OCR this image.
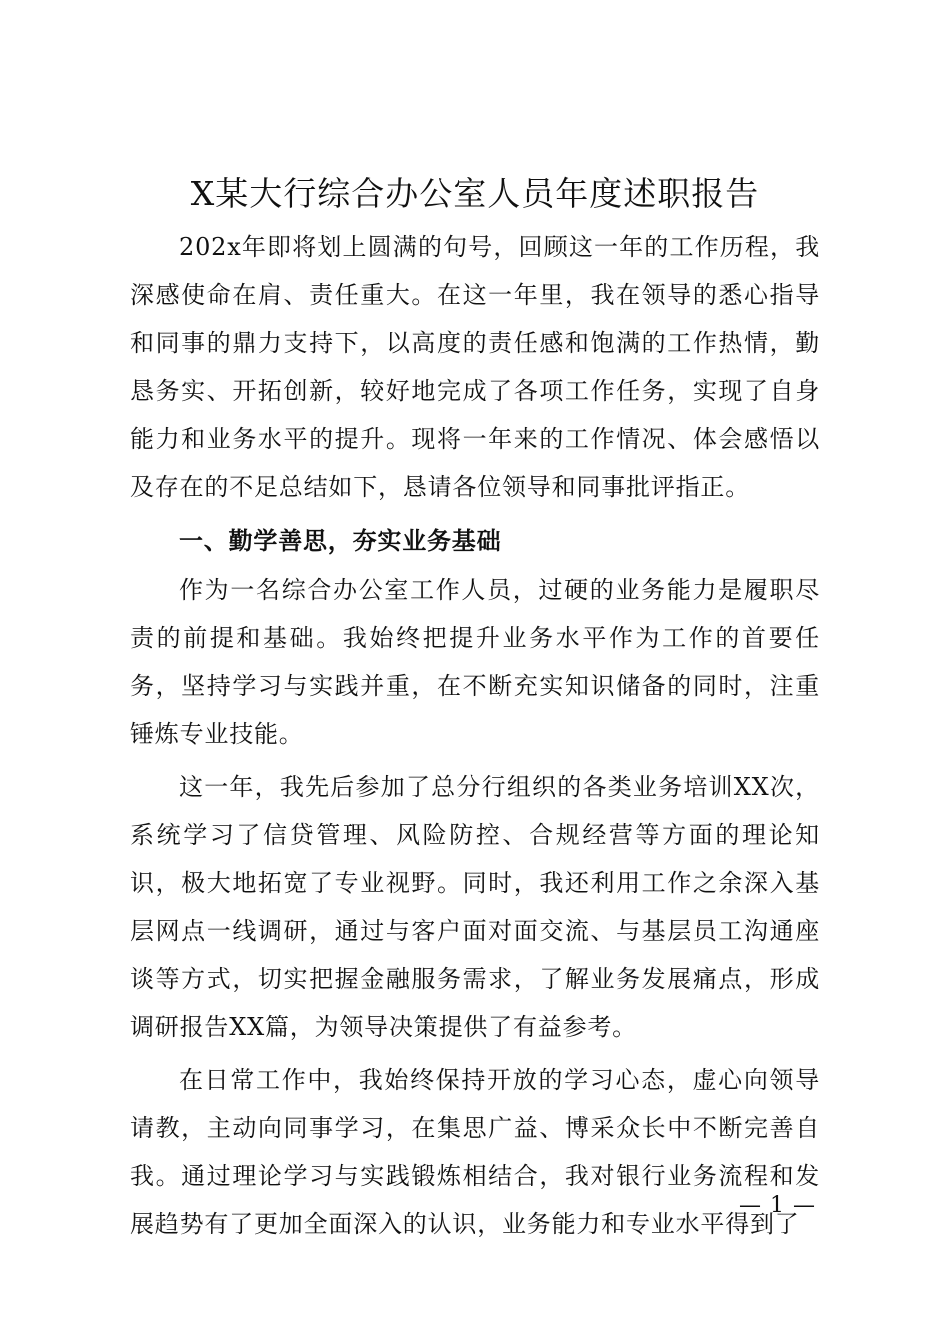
X某大行综合办公室人员年度述职报告

202x年即将划上圆满的句号，回顾这一年的工作历程，我深感使命在肩、责任重大。在这一年里，我在领导的悉心指导和同事的鼎力支持下，以高度的责任感和饱满的工作热情，勤恳务实、开拓创新，较好地完成了各项工作任务，实现了自身能力和业务水平的提升。现将一年来的工作情况、体会感悟以及存在的不足总结如下，恳请各位领导和同事批评指正。

一、勤学善思，夯实业务基础

作为一名综合办公室工作人员，过硬的业务能力是履职尽责的前提和基础。我始终把提升业务水平作为工作的首要任务，坚持学习与实践并重，在不断充实知识储备的同时，注重锤炼专业技能。

这一年，我先后参加了总分行组织的各类业务培训XX次，系统学习了信贷管理、风险防控、合规经营等方面的理论知识，极大地拓宽了专业视野。同时，我还利用工作之余深入基层网点一线调研，通过与客户面对面交流、与基层员工沟通座谈等方式，切实把握金融服务需求，了解业务发展痛点，形成调研报告XX篇，为领导决策提供了有益参考。

在日常工作中，我始终保持开放的学习心态，虚心向领导请教，主动向同事学习，在集思广益、博采众长中不断完善自我。通过理论学习与实践锻炼相结合，我对银行业务流程和发展趋势有了更加全面深入的认识，业务能力和专业水平得到了

— 1 —
